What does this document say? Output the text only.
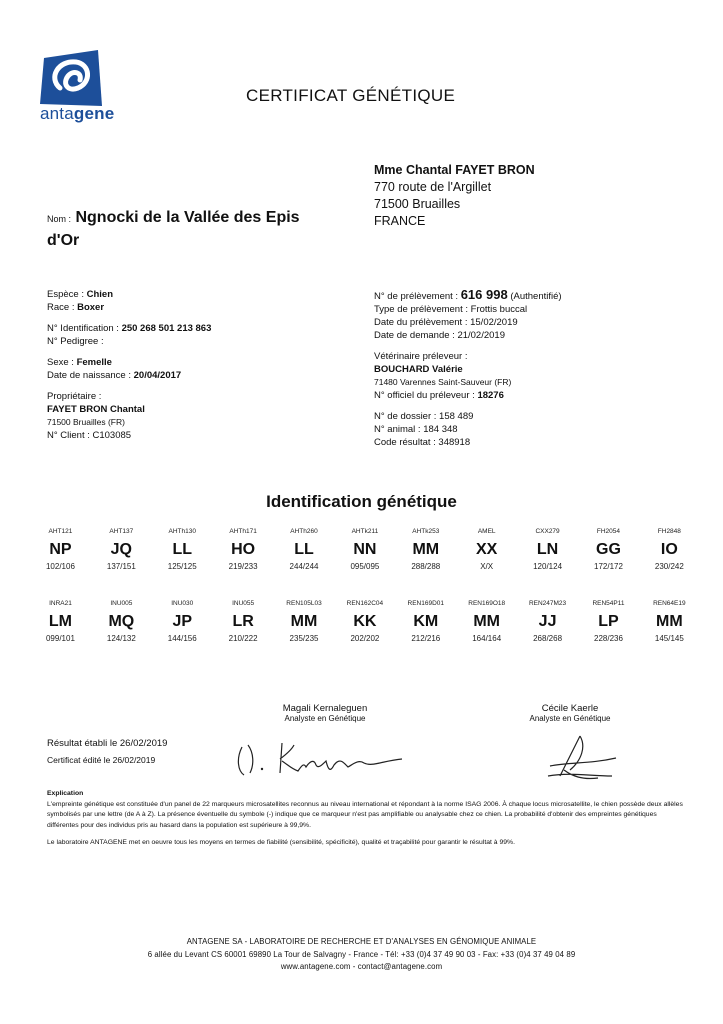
antagene
CERTIFICAT GÉNÉTIQUE
Mme Chantal FAYET BRON
770 route de l'Argillet
71500 Bruailles
FRANCE
Nom : Ngnocki de la Vallée des Epis d'Or
Espèce : Chien
Race : Boxer
N° Identification : 250 268 501 213 863
N° Pedigree :
Sexe : Femelle
Date de naissance : 20/04/2017
Propriétaire :
FAYET BRON Chantal
71500 Bruailles (FR)
N° Client : C103085
N° de prélèvement : 616 998 (Authentifié)
Type de prélèvement : Frottis buccal
Date du prélèvement : 15/02/2019
Date de demande : 21/02/2019
Vétérinaire préleveur :
BOUCHARD Valérie
71480 Varennes Saint-Sauveur (FR)
N° officiel du préleveur : 18276
N° de dossier : 158 489
N° animal : 184 348
Code résultat : 348918
Identification génétique
AHT121
NP
102/106
AHT137
JQ
137/151
AHTh130
LL
125/125
AHTh171
HO
219/233
AHTh260
LL
244/244
AHTk211
NN
095/095
AHTk253
MM
288/288
AMEL
XX
X/X
CXX279
LN
120/124
FH2054
GG
172/172
FH2848
IO
230/242
INRA21
LM
099/101
INU005
MQ
124/132
INU030
JP
144/156
INU055
LR
210/222
REN105L03
MM
235/235
REN162C04
KK
202/202
REN169D01
KM
212/216
REN169O18
MM
164/164
REN247M23
JJ
268/268
REN54P11
LP
228/236
REN64E19
MM
145/145
Magali Kernaleguen
Analyste en Génétique
Cécile Kaerle
Analyste en Génétique
Résultat établi le 26/02/2019
Certificat édité le 26/02/2019
Explication
L'empreinte génétique est constituée d'un panel de 22 marqueurs microsatellites reconnus au niveau international et répondant à la norme ISAG 2006. À chaque locus microsatellite, le chien possède deux allèles symbolisés par une lettre (de A à Z). La présence éventuelle du symbole (-) indique que ce marqueur n'est pas amplifiable ou analysable chez ce chien. La probabilité d'obtenir des empreintes génétiques différentes pour des individus pris au hasard dans la population est supérieure à 99,9%.
Le laboratoire ANTAGENE met en oeuvre tous les moyens en termes de fiabilité (sensibilité, spécificité), qualité et traçabilité pour garantir le résultat à 99%.
ANTAGENE SA - LABORATOIRE DE RECHERCHE ET D'ANALYSES EN GÉNOMIQUE ANIMALE
6 allée du Levant CS 60001 69890 La Tour de Salvagny - France - Tél: +33 (0)4 37 49 90 03 - Fax: +33 (0)4 37 49 04 89
www.antagene.com - contact@antagene.com
